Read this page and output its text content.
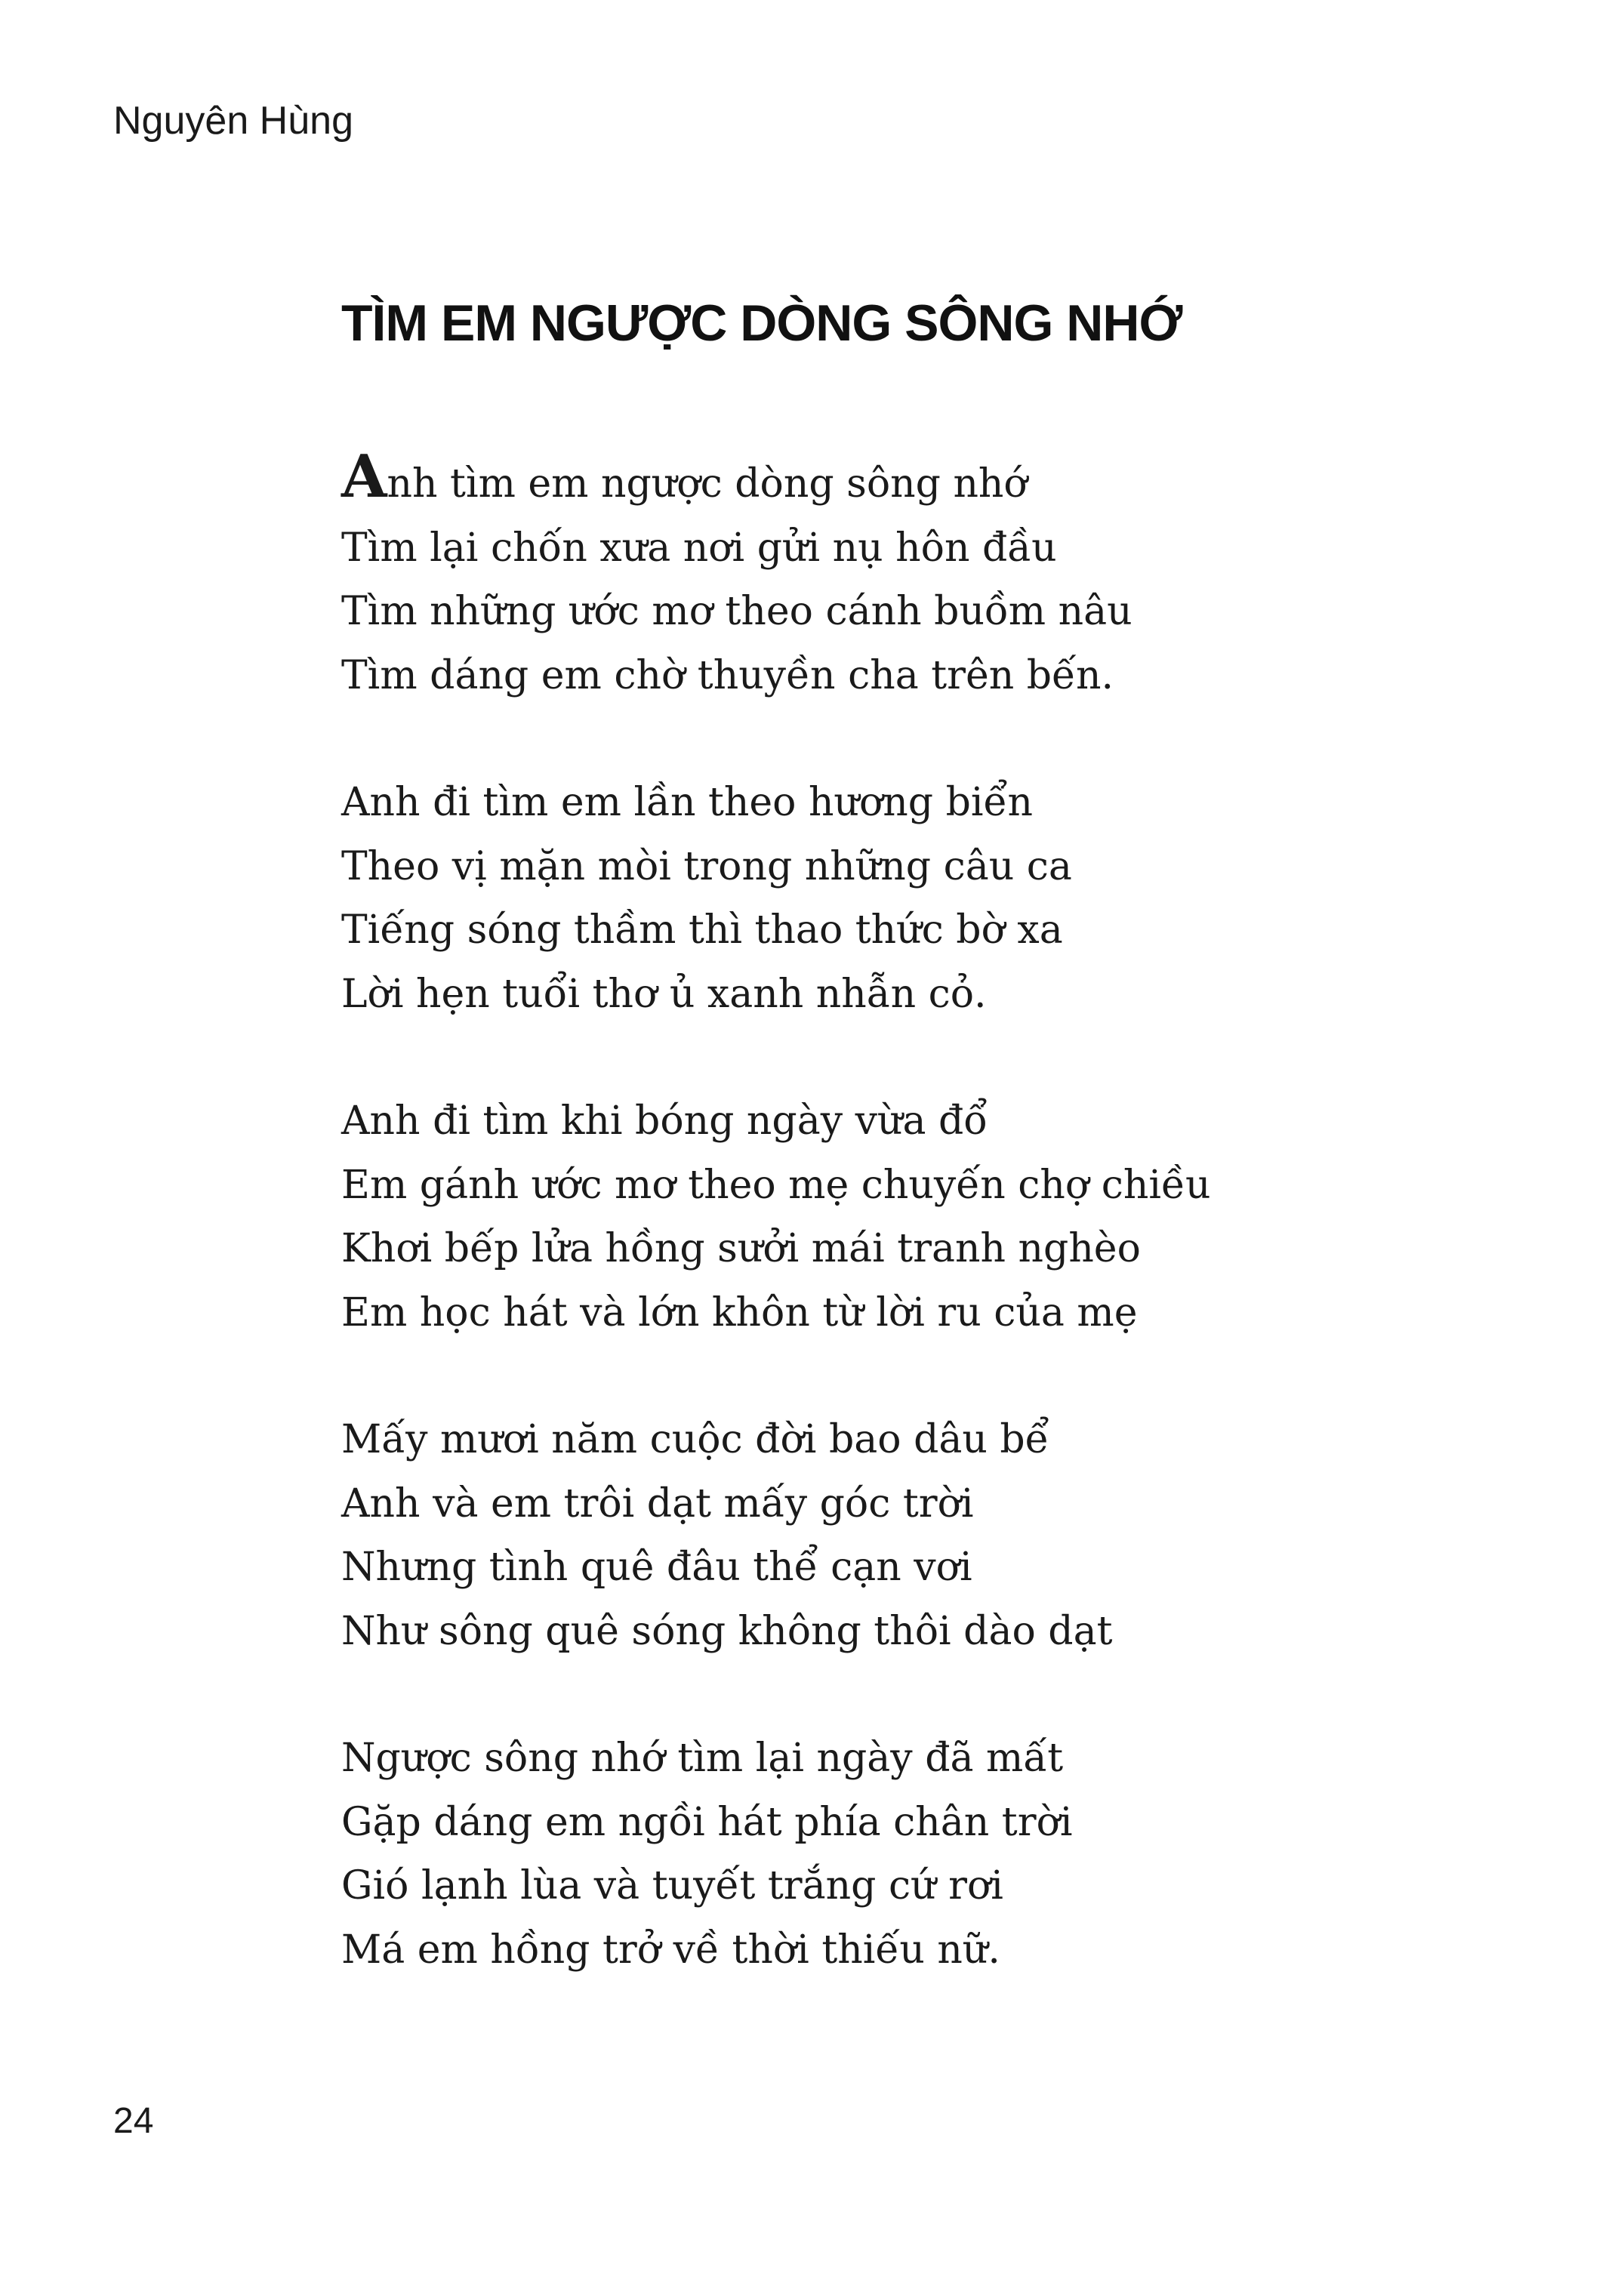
Nguyên Hùng
TÌM EM NGƯỢC DÒNG SÔNG NHỚ

Anh tìm em ngược dòng sông nhớ
Tìm lại chốn xưa nơi gửi nụ hôn đầu
Tìm những ước mơ theo cánh buồm nâu
Tìm dáng em chờ thuyền cha trên bến.

Anh đi tìm em lần theo hương biển
Theo vị mặn mòi trong những câu ca
Tiếng sóng thầm thì thao thức bờ xa
Lời hẹn tuổi thơ ủ xanh nhẫn cỏ.

Anh đi tìm khi bóng ngày vừa đổ
Em gánh ước mơ theo mẹ chuyến chợ chiều
Khơi bếp lửa hồng sưởi mái tranh nghèo
Em học hát và lớn khôn từ lời ru của mẹ

Mấy mươi năm cuộc đời bao dâu bể
Anh và em trôi dạt mấy góc trời
Nhưng tình quê đâu thể cạn vơi
Như sông quê sóng không thôi dào dạt

Ngược sông nhớ tìm lại ngày đã mất
Gặp dáng em ngồi hát phía chân trời
Gió lạnh lùa và tuyết trắng cứ rơi
Má em hồng trở về thời thiếu nữ.

24
